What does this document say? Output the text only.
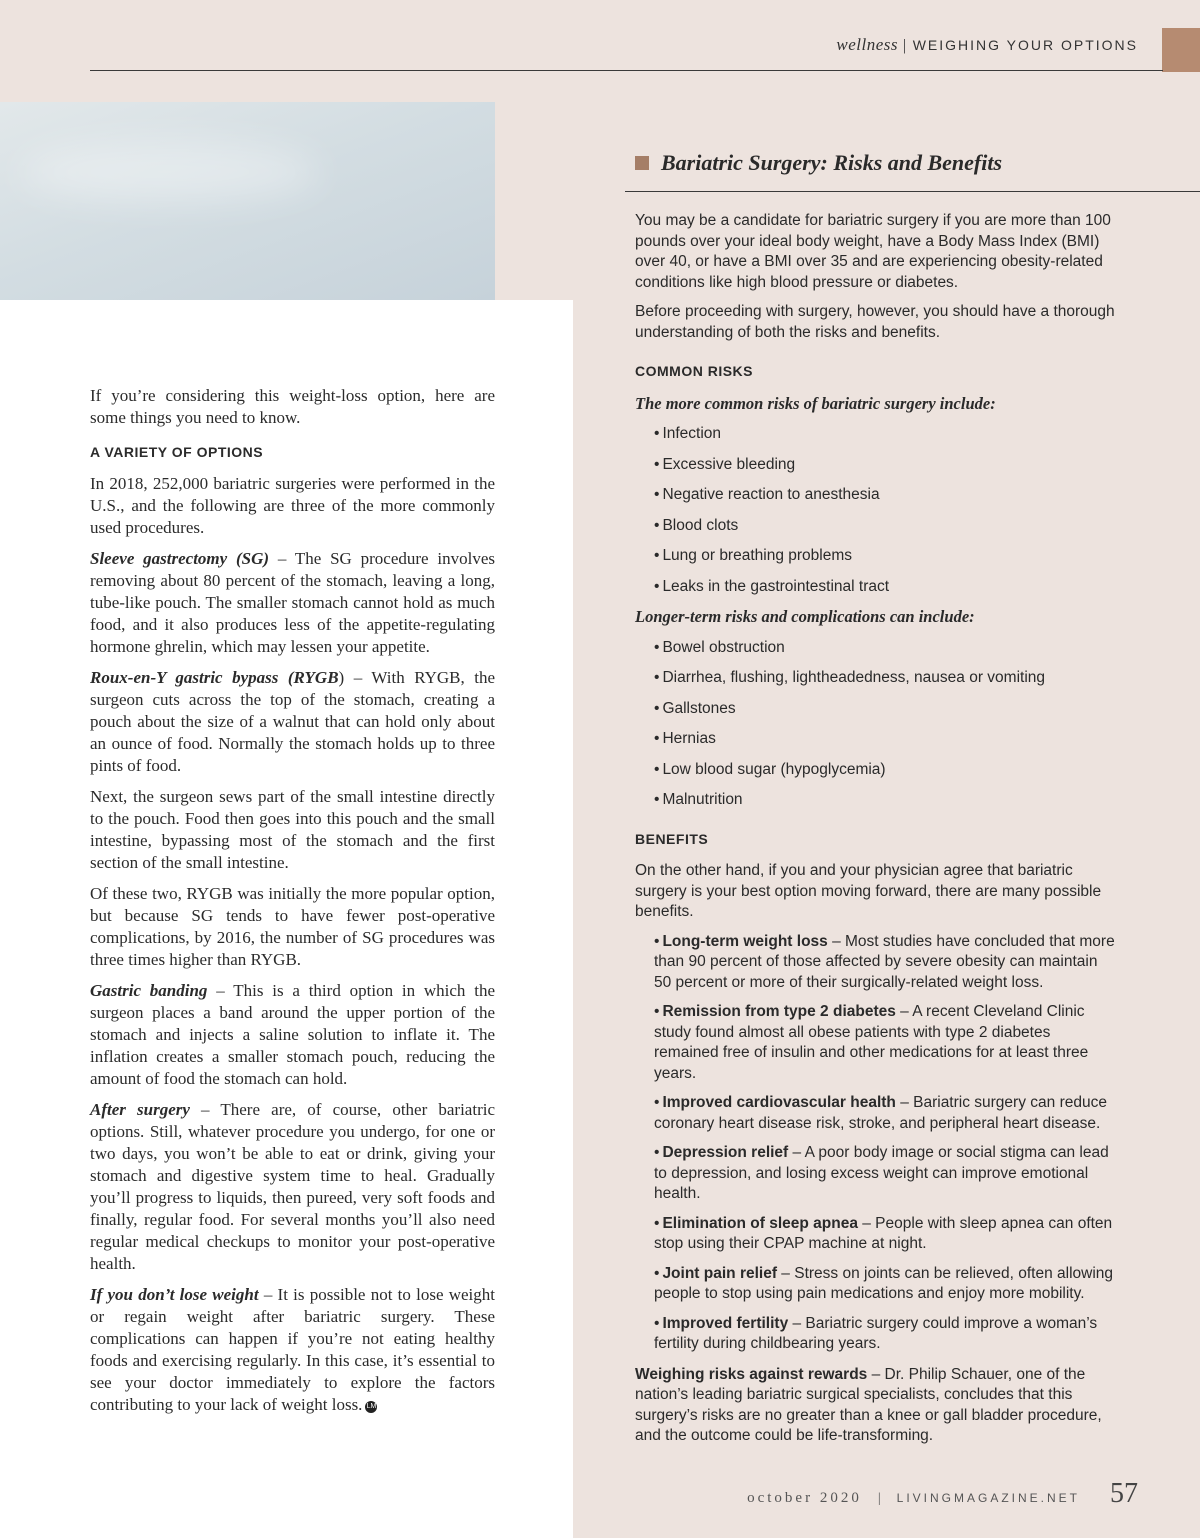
wellness | WEIGHING YOUR OPTIONS

If you’re considering this weight-loss option, here are some things you need to know.

A VARIETY OF OPTIONS

In 2018, 252,000 bariatric surgeries were performed in the U.S., and the following are three of the more commonly used procedures.

Sleeve gastrectomy (SG) – The SG procedure involves removing about 80 percent of the stomach, leaving a long, tube-like pouch. The smaller stomach cannot hold as much food, and it also produces less of the appetite-regulating hormone ghrelin, which may lessen your appetite.

Roux-en-Y gastric bypass (RYGB) – With RYGB, the surgeon cuts across the top of the stomach, creating a pouch about the size of a walnut that can hold only about an ounce of food. Normally the stomach holds up to three pints of food.

Next, the surgeon sews part of the small intestine directly to the pouch. Food then goes into this pouch and the small intestine, bypassing most of the stomach and the first section of the small intestine.

Of these two, RYGB was initially the more popular option, but because SG tends to have fewer post-operative complications, by 2016, the number of SG procedures was three times higher than RYGB.

Gastric banding – This is a third option in which the surgeon places a band around the upper portion of the stomach and injects a saline solution to inflate it. The inflation creates a smaller stomach pouch, reducing the amount of food the stomach can hold.

After surgery – There are, of course, other bariatric options. Still, whatever procedure you undergo, for one or two days, you won’t be able to eat or drink, giving your stomach and digestive system time to heal. Gradually you’ll progress to liquids, then pureed, very soft foods and finally, regular food. For several months you’ll also need regular medical checkups to monitor your post-operative health.

If you don’t lose weight – It is possible not to lose weight or regain weight after bariatric surgery. These complications can happen if you’re not eating healthy foods and exercising regularly. In this case, it’s essential to see your doctor immediately to explore the factors contributing to your lack of weight loss. LM

Bariatric Surgery: Risks and Benefits

You may be a candidate for bariatric surgery if you are more than 100 pounds over your ideal body weight, have a Body Mass Index (BMI) over 40, or have a BMI over 35 and are experiencing obesity-related conditions like high blood pressure or diabetes.

Before proceeding with surgery, however, you should have a thorough understanding of both the risks and benefits.

COMMON RISKS

The more common risks of bariatric surgery include:

• Infection
• Excessive bleeding
• Negative reaction to anesthesia
• Blood clots
• Lung or breathing problems
• Leaks in the gastrointestinal tract

Longer-term risks and complications can include:

• Bowel obstruction
• Diarrhea, flushing, lightheadedness, nausea or vomiting
• Gallstones
• Hernias
• Low blood sugar (hypoglycemia)
• Malnutrition
BENEFITS

On the other hand, if you and your physician agree that bariatric surgery is your best option moving forward, there are many possible benefits.

• Long-term weight loss – Most studies have concluded that more than 90 percent of those affected by severe obesity can maintain 50 percent or more of their surgically-related weight loss.
• Remission from type 2 diabetes – A recent Cleveland Clinic study found almost all obese patients with type 2 diabetes remained free of insulin and other medications for at least three years.
• Improved cardiovascular health – Bariatric surgery can reduce coronary heart disease risk, stroke, and peripheral heart disease.
• Depression relief – A poor body image or social stigma can lead to depression, and losing excess weight can improve emotional health.
• Elimination of sleep apnea – People with sleep apnea can often stop using their CPAP machine at night.
• Joint pain relief – Stress on joints can be relieved, often allowing people to stop using pain medications and enjoy more mobility.
• Improved fertility – Bariatric surgery could improve a woman’s fertility during childbearing years.

Weighing risks against rewards – Dr. Philip Schauer, one of the nation’s leading bariatric surgical specialists, concludes that this surgery’s risks are no greater than a knee or gall bladder procedure, and the outcome could be life-transforming.

october 2020 | LIVINGMAGAZINE.NET 57
